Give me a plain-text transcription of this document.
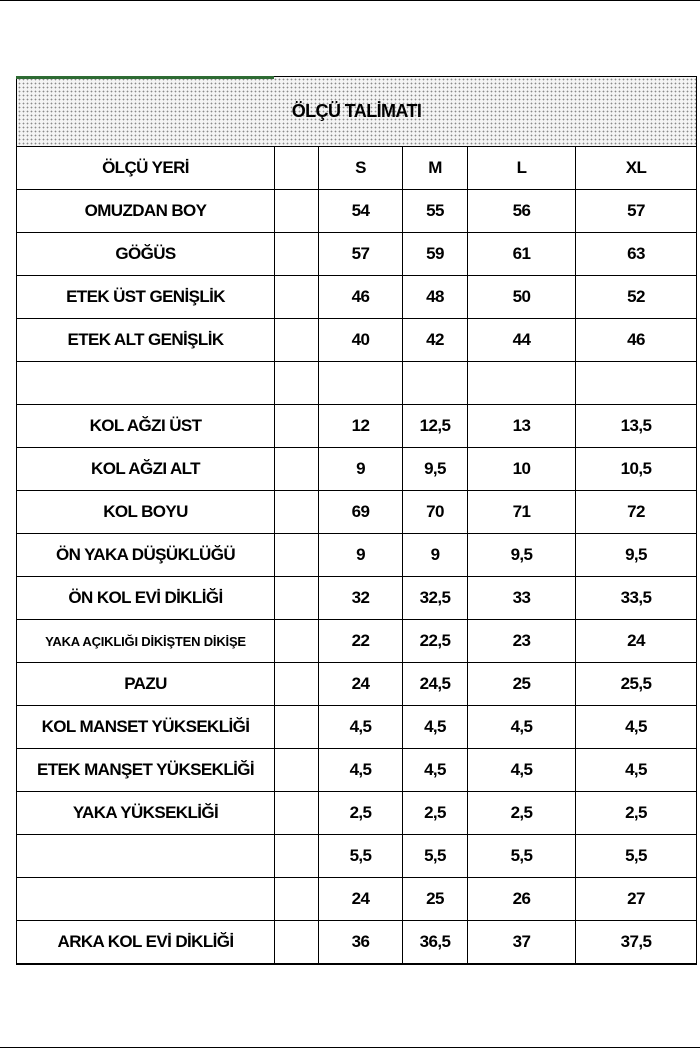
ÖLÇÜ TALİMATI					
ÖLÇÜ YERİ		S	M	L	XL
OMUZDAN BOY		54	55	56	57
GÖĞÜS		57	59	61	63
ETEK ÜST GENİŞLİK		46	48	50	52
ETEK ALT GENİŞLİK		40	42	44	46

KOL AĞZI ÜST		12	12,5	13	13,5
KOL AĞZI ALT		9	9,5	10	10,5
KOL BOYU		69	70	71	72
ÖN YAKA DÜŞÜKLÜĞÜ		9	9	9,5	9,5
ÖN KOL EVİ DİKLİĞİ		32	32,5	33	33,5
YAKA AÇIKLIĞI DİKİŞTEN DİKİŞE		22	22,5	23	24
PAZU		24	24,5	25	25,5
KOL MANSET YÜKSEKLİĞİ		4,5	4,5	4,5	4,5
ETEK MANŞET YÜKSEKLİĞİ		4,5	4,5	4,5	4,5
YAKA YÜKSEKLİĞİ		2,5	2,5	2,5	2,5
		5,5	5,5	5,5	5,5
		24	25	26	27
ARKA KOL EVİ DİKLİĞİ		36	36,5	37	37,5
